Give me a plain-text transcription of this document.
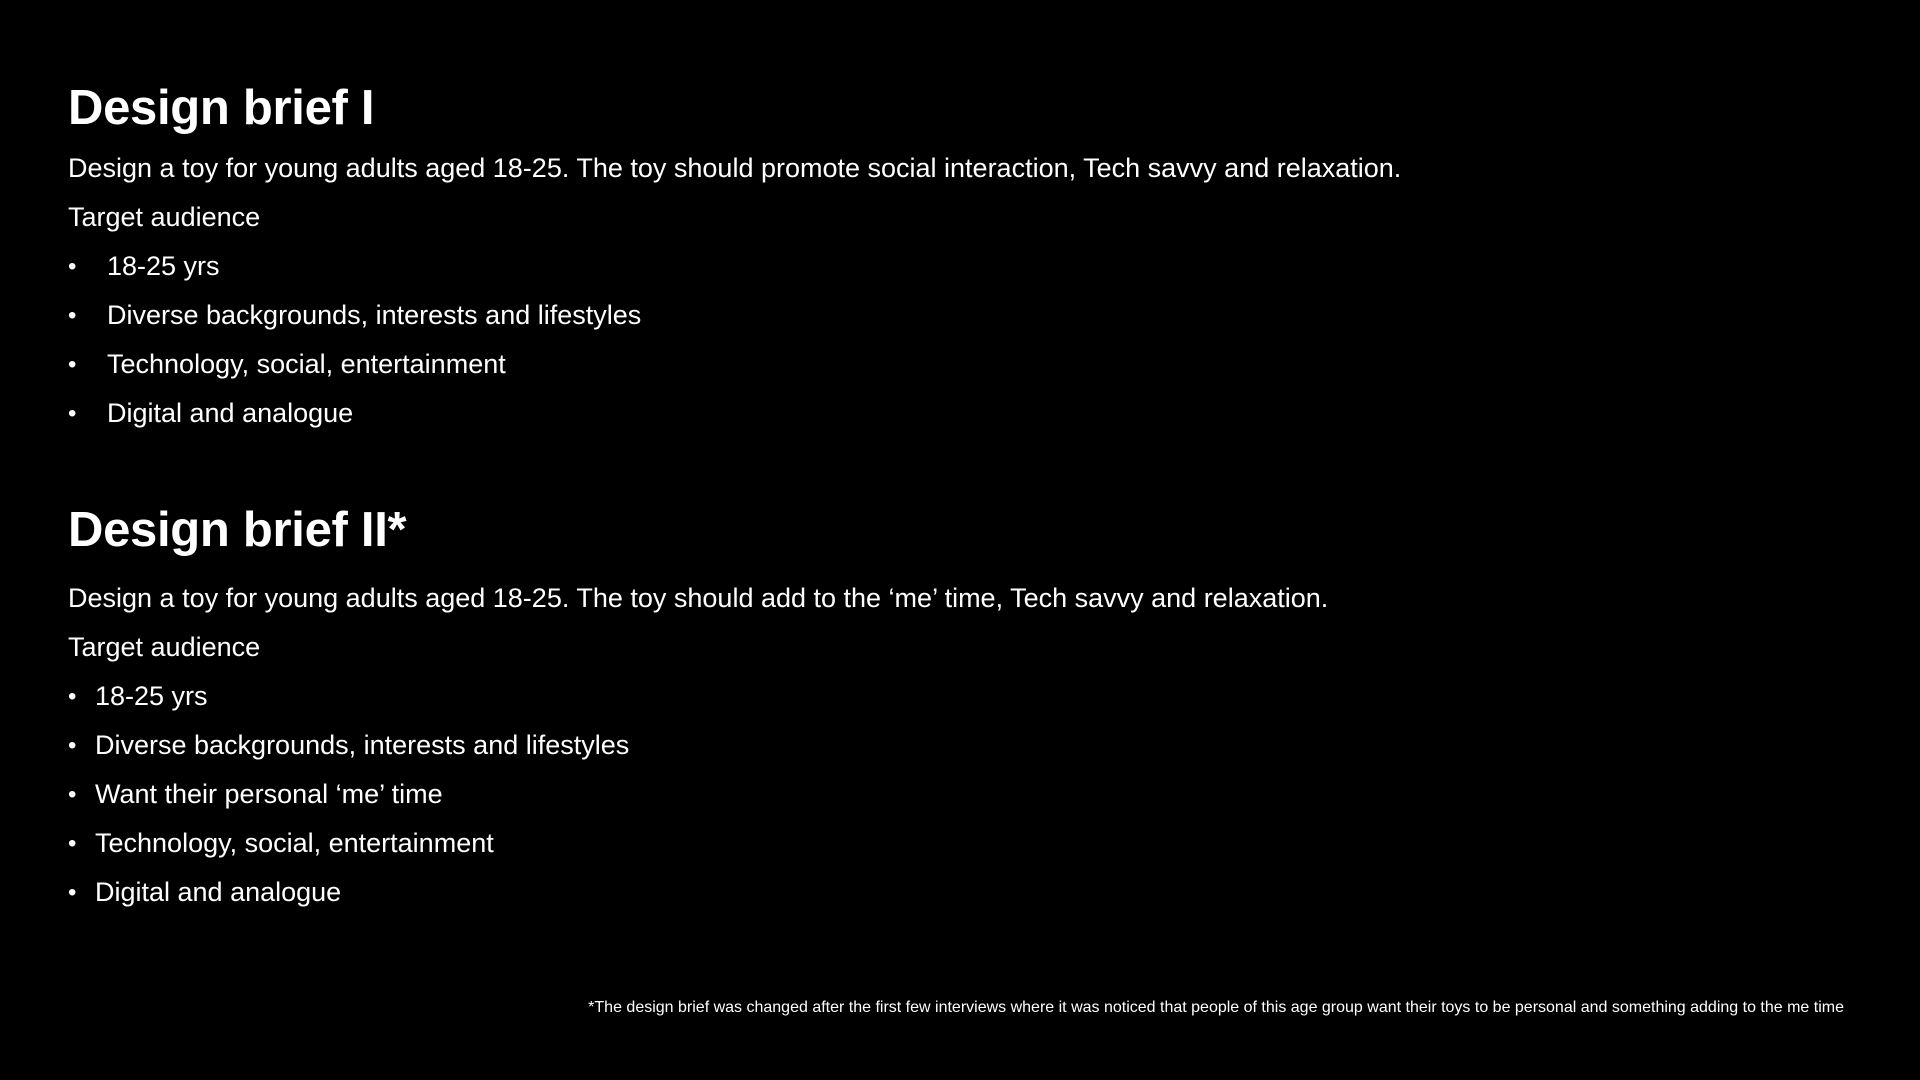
Design brief I

Design a toy for young adults aged 18-25. The toy should promote social interaction, Tech savvy and relaxation.

Target audience

• 18-25 yrs
• Diverse backgrounds, interests and lifestyles
• Technology, social, entertainment
• Digital and analogue
Design brief II*

Design a toy for young adults aged 18-25. The toy should add to the ‘me’ time, Tech savvy and relaxation.

Target audience

• 18-25 yrs
• Diverse backgrounds, interests and lifestyles
• Want their personal ‘me’ time
• Technology, social, entertainment
• Digital and analogue
*The design brief was changed after the first few interviews where it was noticed that people of this age group want their toys to be personal and something adding to the me time
